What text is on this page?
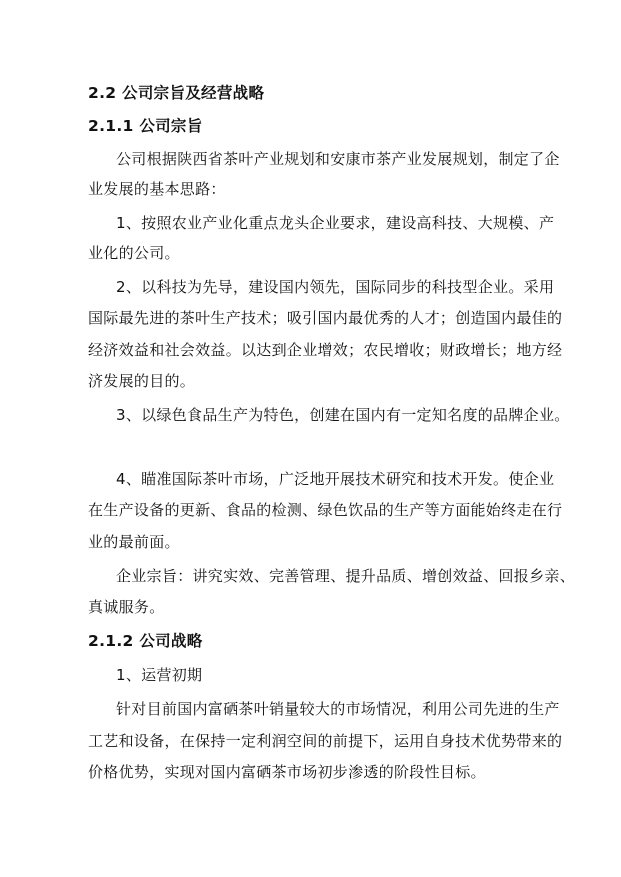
2.2 公司宗旨及经营战略
2.1.1 公司宗旨
公司根据陕西省茶叶产业规划和安康市茶产业发展规划，制定了企
业发展的基本思路：
1、按照农业产业化重点龙头企业要求，建设高科技、大规模、产
业化的公司。
2、以科技为先导，建设国内领先，国际同步的科技型企业。采用
国际最先进的茶叶生产技术；吸引国内最优秀的人才；创造国内最佳的
经济效益和社会效益。以达到企业增效；农民增收；财政增长；地方经
济发展的目的。
3、以绿色食品生产为特色，创建在国内有一定知名度的品牌企业。
4、瞄准国际茶叶市场，广泛地开展技术研究和技术开发。使企业
在生产设备的更新、食品的检测、绿色饮品的生产等方面能始终走在行
业的最前面。
企业宗旨：讲究实效、完善管理、提升品质、增创效益、回报乡亲、
真诚服务。
2.1.2 公司战略
1、运营初期
针对目前国内富硒茶叶销量较大的市场情况，利用公司先进的生产
工艺和设备，在保持一定利润空间的前提下，运用自身技术优势带来的
价格优势，实现对国内富硒茶市场初步渗透的阶段性目标。
